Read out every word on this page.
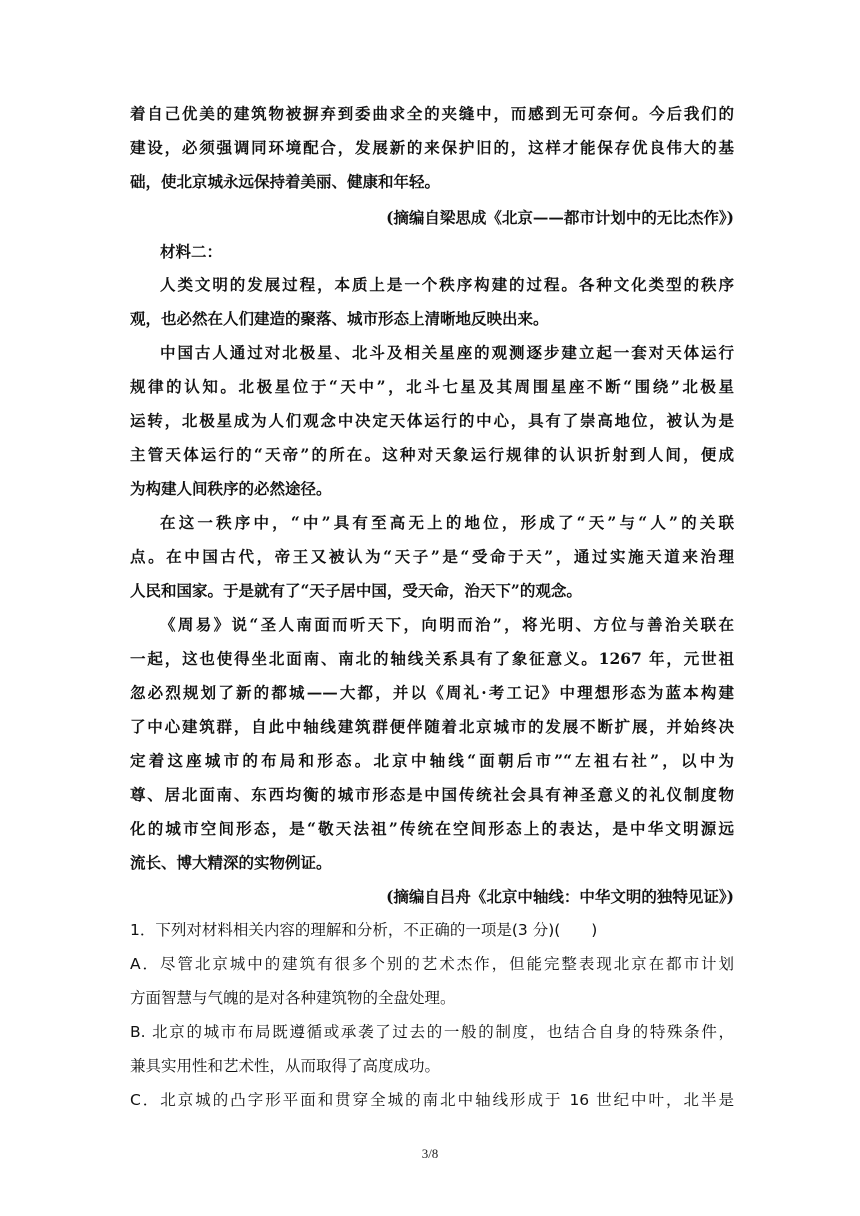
着自己优美的建筑物被摒弃到委曲求全的夹缝中，而感到无可奈何。今后我们的
建设，必须强调同环境配合，发展新的来保护旧的，这样才能保存优良伟大的基
础，使北京城永远保持着美丽、健康和年轻。
(摘编自梁思成《北京——都市计划中的无比杰作》)
材料二：
人类文明的发展过程，本质上是一个秩序构建的过程。各种文化类型的秩序
观，也必然在人们建造的聚落、城市形态上清晰地反映出来。
中国古人通过对北极星、北斗及相关星座的观测逐步建立起一套对天体运行
规律的认知。北极星位于“天中”，北斗七星及其周围星座不断“围绕”北极星
运转，北极星成为人们观念中决定天体运行的中心，具有了崇高地位，被认为是
主管天体运行的“天帝”的所在。这种对天象运行规律的认识折射到人间，便成
为构建人间秩序的必然途径。
在这一秩序中，“中”具有至高无上的地位，形成了“天”与“人”的关联
点。在中国古代，帝王又被认为“天子”是“受命于天”，通过实施天道来治理
人民和国家。于是就有了“天子居中国，受天命，治天下”的观念。
《周易》说“圣人南面而听天下，向明而治”，将光明、方位与善治关联在
一起，这也使得坐北面南、南北的轴线关系具有了象征意义。1267 年，元世祖
忽必烈规划了新的都城——大都，并以《周礼·考工记》中理想形态为蓝本构建
了中心建筑群，自此中轴线建筑群便伴随着北京城市的发展不断扩展，并始终决
定着这座城市的布局和形态。北京中轴线“面朝后市”“左祖右社”，以中为
尊、居北面南、东西均衡的城市形态是中国传统社会具有神圣意义的礼仪制度物
化的城市空间形态，是“敬天法祖”传统在空间形态上的表达，是中华文明源远
流长、博大精深的实物例证。
(摘编自吕舟《北京中轴线：中华文明的独特见证》)
1．下列对材料相关内容的理解和分析，不正确的一项是(3 分)(　　)
A．尽管北京城中的建筑有很多个别的艺术杰作，但能完整表现北京在都市计划
方面智慧与气魄的是对各种建筑物的全盘处理。
B. 北京的城市布局既遵循或承袭了过去的一般的制度，也结合自身的特殊条件，
兼具实用性和艺术性，从而取得了高度成功。
C．北京城的凸字形平面和贯穿全城的南北中轴线形成于 16 世纪中叶，北半是
3/8
